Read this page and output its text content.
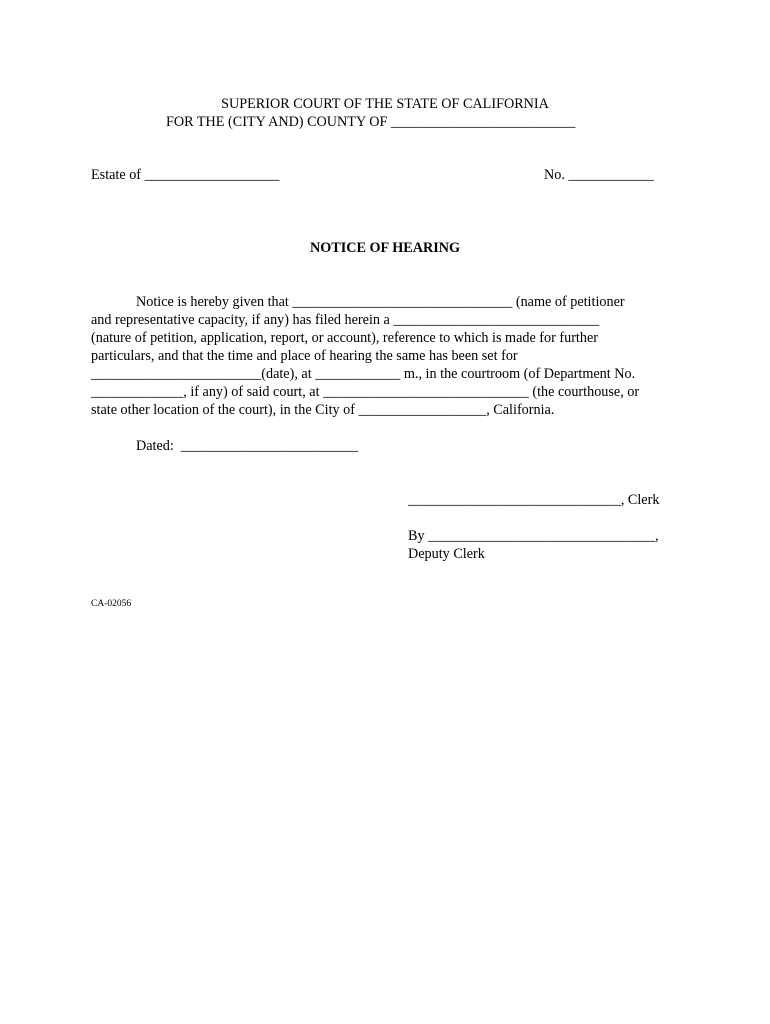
SUPERIOR COURT OF THE STATE OF CALIFORNIA
FOR THE (CITY AND) COUNTY OF __________________________
Estate of ___________________	No. ____________
NOTICE OF HEARING
Notice is hereby given that _______________________________ (name of petitioner
and representative capacity, if any) has filed herein a _____________________________
(nature of petition, application, report, or account), reference to which is made for further
particulars, and that the time and place of hearing the same has been set for
________________________(date), at ____________ m., in the courtroom (of Department No.
_____________, if any) of said court, at _____________________________ (the courthouse, or
state other location of the court), in the City of __________________, California.
Dated:  _________________________
______________________________, Clerk
By ________________________________,
Deputy Clerk
CA-02056
